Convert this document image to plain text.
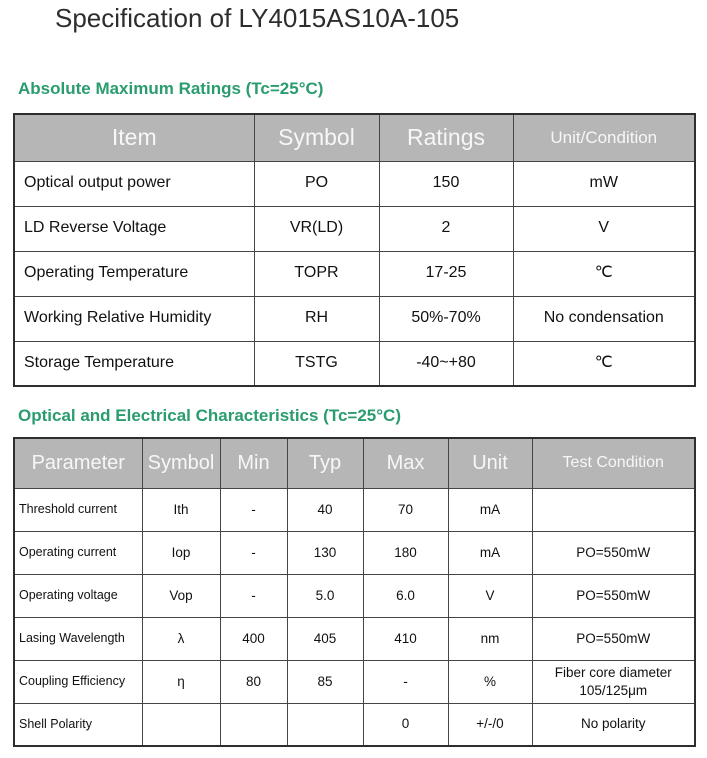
Specification of LY4015AS10A-105
Absolute Maximum Ratings (Tc=25°C)
Item	Symbol	Ratings	Unit/Condition
Optical output power	PO	150	mW
LD Reverse Voltage	VR(LD)	2	V
Operating Temperature	TOPR	17-25	℃
Working Relative Humidity	RH	50%-70%	No condensation
Storage Temperature	TSTG	-40~+80	℃
Optical and Electrical Characteristics (Tc=25°C)
Parameter	Symbol	Min	Typ	Max	Unit	Test Condition
Threshold current	Ith	-	40	70	mA	
Operating current	Iop	-	130	180	mA	PO=550mW
Operating voltage	Vop	-	5.0	6.0	V	PO=550mW
Lasing Wavelength	λ	400	405	410	nm	PO=550mW
Coupling Efficiency	η	80	85	-	%	Fiber core diameter 105/125μm
Shell Polarity				0	+/-/0	No polarity
